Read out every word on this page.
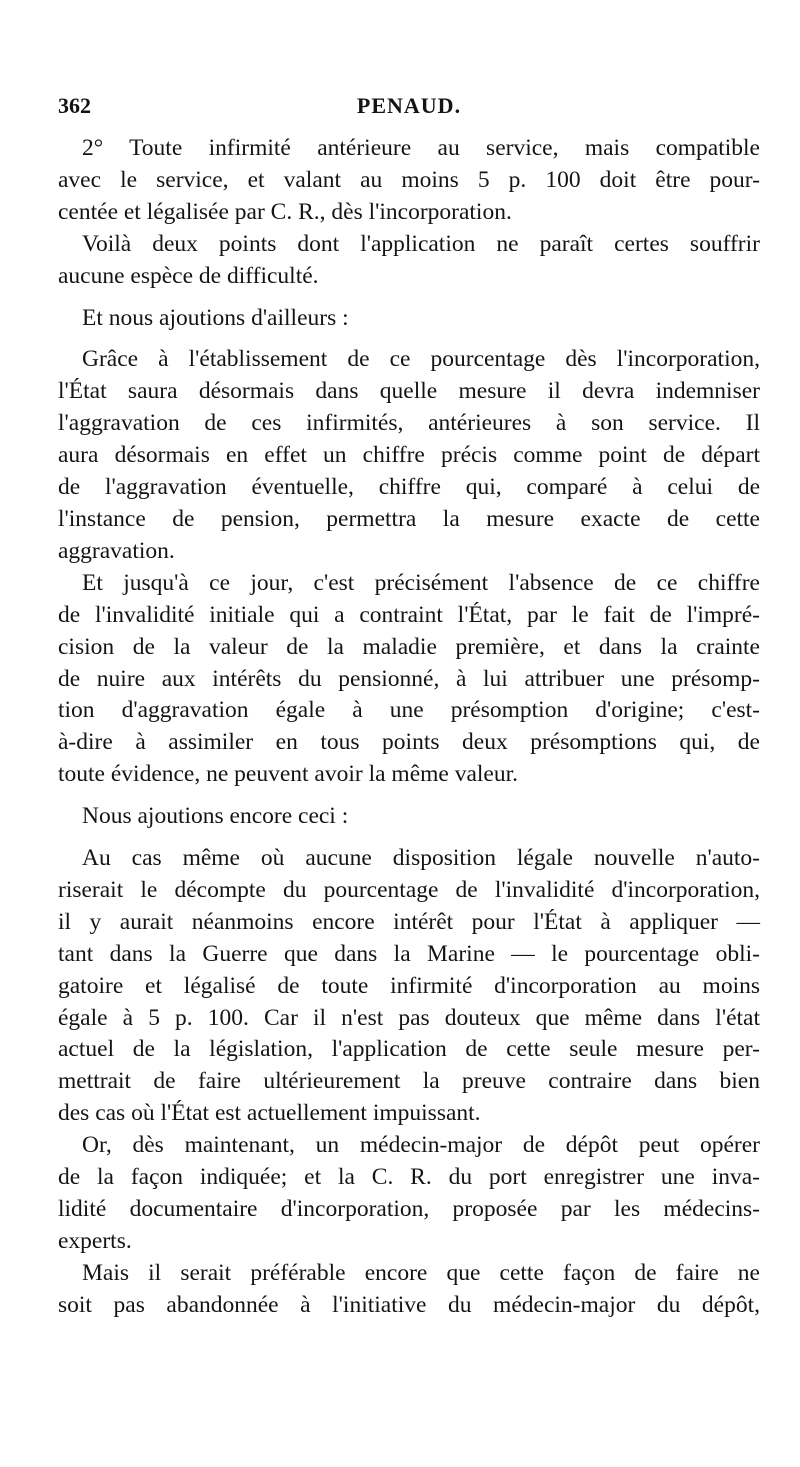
362	PENAUD.
2° Toute infirmité antérieure au service, mais compatible
avec le service, et valant au moins 5 p. 100 doit être pour-
centée et légalisée par C. R., dès l'incorporation.
Voilà deux points dont l'application ne paraît certes souffrir
aucune espèce de difficulté.
Et nous ajoutions d'ailleurs :
Grâce à l'établissement de ce pourcentage dès l'incorporation,
l'État saura désormais dans quelle mesure il devra indemniser
l'aggravation de ces infirmités, antérieures à son service. Il
aura désormais en effet un chiffre précis comme point de départ
de l'aggravation éventuelle, chiffre qui, comparé à celui de
l'instance de pension, permettra la mesure exacte de cette
aggravation.
Et jusqu'à ce jour, c'est précisément l'absence de ce chiffre
de l'invalidité initiale qui a contraint l'État, par le fait de l'impré-
cision de la valeur de la maladie première, et dans la crainte
de nuire aux intérêts du pensionné, à lui attribuer une présomp-
tion d'aggravation égale à une présomption d'origine; c'est-
à-dire à assimiler en tous points deux présomptions qui, de
toute évidence, ne peuvent avoir la même valeur.
Nous ajoutions encore ceci :
Au cas même où aucune disposition légale nouvelle n'auto-
riserait le décompte du pourcentage de l'invalidité d'incorporation,
il y aurait néanmoins encore intérêt pour l'État à appliquer —
tant dans la Guerre que dans la Marine — le pourcentage obli-
gatoire et légalisé de toute infirmité d'incorporation au moins
égale à 5 p. 100. Car il n'est pas douteux que même dans l'état
actuel de la législation, l'application de cette seule mesure per-
mettrait de faire ultérieurement la preuve contraire dans bien
des cas où l'État est actuellement impuissant.
Or, dès maintenant, un médecin-major de dépôt peut opérer
de la façon indiquée; et la C. R. du port enregistrer une inva-
lidité documentaire d'incorporation, proposée par les médecins-
experts.
Mais il serait préférable encore que cette façon de faire ne
soit pas abandonnée à l'initiative du médecin-major du dépôt,
